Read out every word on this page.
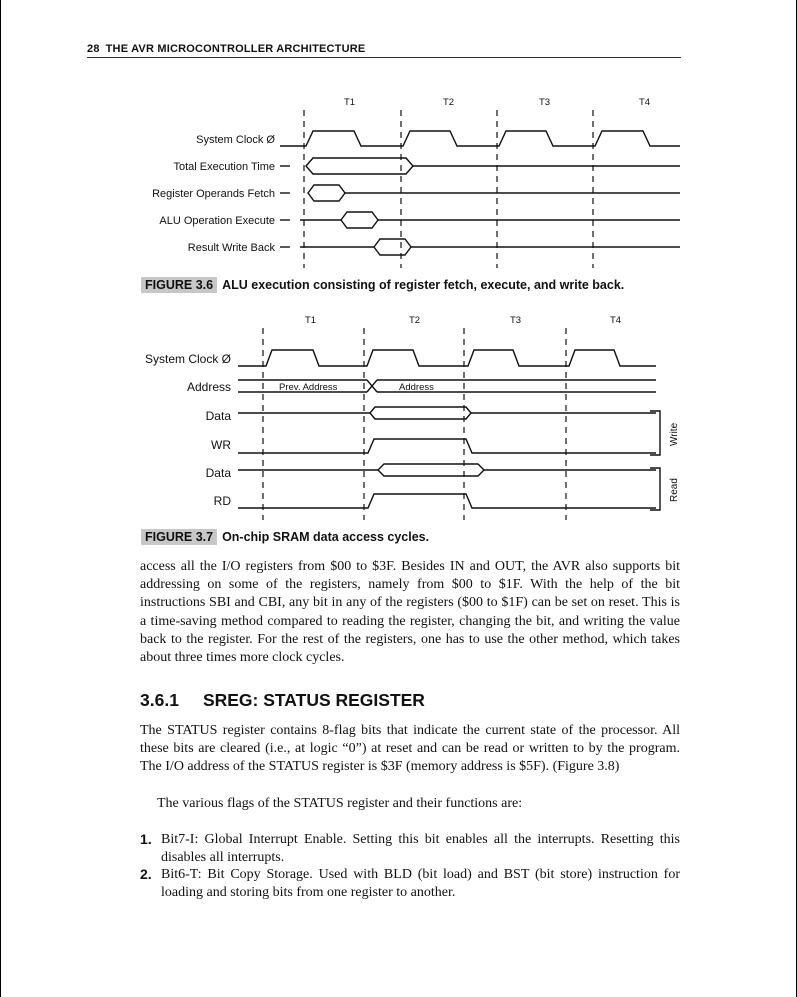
28 THE AVR MICROCONTROLLER ARCHITECTURE
T1	T2	T3	T4
System Clock Ø
Total Execution Time
Register Operands Fetch
ALU Operation Execute
Result Write Back
FIGURE 3.6 ALU execution consisting of register fetch, execute, and write back.
T1	T2	T3	T4
System Clock Ø
Address
Data
WR
Data
RD
Prev. Address	Address
Write
Read
FIGURE 3.7 On-chip SRAM data access cycles.

access all the I/O registers from $00 to $3F. Besides IN and OUT, the AVR also supports bit addressing on some of the registers, namely from $00 to $1F. With the help of the bit instructions SBI and CBI, any bit in any of the registers ($00 to $1F) can be set on reset. This is a time-saving method compared to reading the register, changing the bit, and writing the value back to the register. For the rest of the registers, one has to use the other method, which takes about three times more clock cycles.

3.6.1 SREG: STATUS REGISTER

The STATUS register contains 8-flag bits that indicate the current state of the processor. All these bits are cleared (i.e., at logic “0”) at reset and can be read or written to by the program. The I/O address of the STATUS register is $3F (memory address is $5F). (Figure 3.8)

The various flags of the STATUS register and their functions are:

1. Bit7-I: Global Interrupt Enable. Setting this bit enables all the interrupts. Resetting this disables all interrupts.
2. Bit6-T: Bit Copy Storage. Used with BLD (bit load) and BST (bit store) instruction for loading and storing bits from one register to another.
